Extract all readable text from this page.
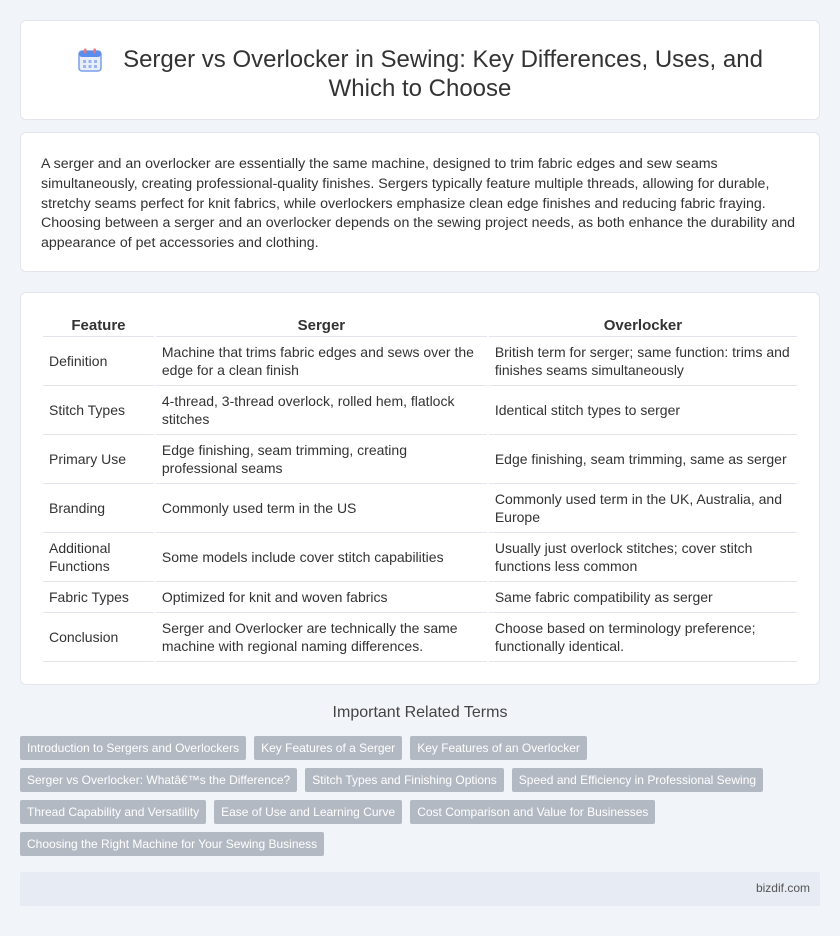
Serger vs Overlocker in Sewing: Key Differences, Uses, and Which to Choose

A serger and an overlocker are essentially the same machine, designed to trim fabric edges and sew seams simultaneously, creating professional-quality finishes. Sergers typically feature multiple threads, allowing for durable, stretchy seams perfect for knit fabrics, while overlockers emphasize clean edge finishes and reducing fabric fraying. Choosing between a serger and an overlocker depends on the sewing project needs, as both enhance the durability and appearance of pet accessories and clothing.

Feature	Serger	Overlocker
Definition	Machine that trims fabric edges and sews over the edge for a clean finish	British term for serger; same function: trims and finishes seams simultaneously
Stitch Types	4-thread, 3-thread overlock, rolled hem, flatlock stitches	Identical stitch types to serger
Primary Use	Edge finishing, seam trimming, creating professional seams	Edge finishing, seam trimming, same as serger
Branding	Commonly used term in the US	Commonly used term in the UK, Australia, and Europe
Additional Functions	Some models include cover stitch capabilities	Usually just overlock stitches; cover stitch functions less common
Fabric Types	Optimized for knit and woven fabrics	Same fabric compatibility as serger
Conclusion	Serger and Overlocker are technically the same machine with regional naming differences.	Choose based on terminology preference; functionally identical.
Important Related Terms
Introduction to Sergers and Overlockers	Key Features of a Serger	Key Features of an Overlocker
Serger vs Overlocker: Whatâ€™s the Difference?	Stitch Types and Finishing Options	Speed and Efficiency in Professional Sewing
Thread Capability and Versatility	Ease of Use and Learning Curve	Cost Comparison and Value for Businesses
Choosing the Right Machine for Your Sewing Business
bizdif.com
